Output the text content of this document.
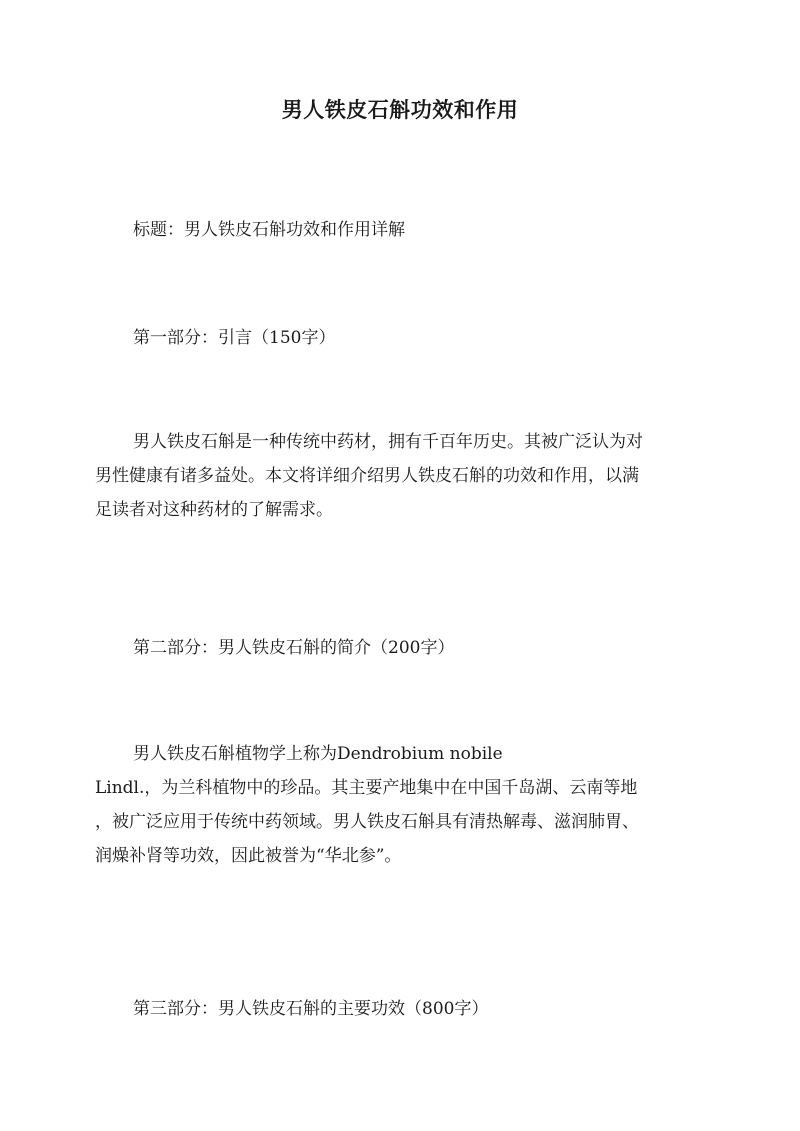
男人铁皮石斛功效和作用
标题：男人铁皮石斛功效和作用详解
第一部分：引言（150字）
男人铁皮石斛是一种传统中药材，拥有千百年历史。其被广泛认为对
男性健康有诸多益处。本文将详细介绍男人铁皮石斛的功效和作用，以满
足读者对这种药材的了解需求。
第二部分：男人铁皮石斛的简介（200字）
男人铁皮石斛植物学上称为Dendrobium nobile
Lindl.，为兰科植物中的珍品。其主要产地集中在中国千岛湖、云南等地
，被广泛应用于传统中药领域。男人铁皮石斛具有清热解毒、滋润肺胃、
润燥补肾等功效，因此被誉为“华北参”。
第三部分：男人铁皮石斛的主要功效（800字）
